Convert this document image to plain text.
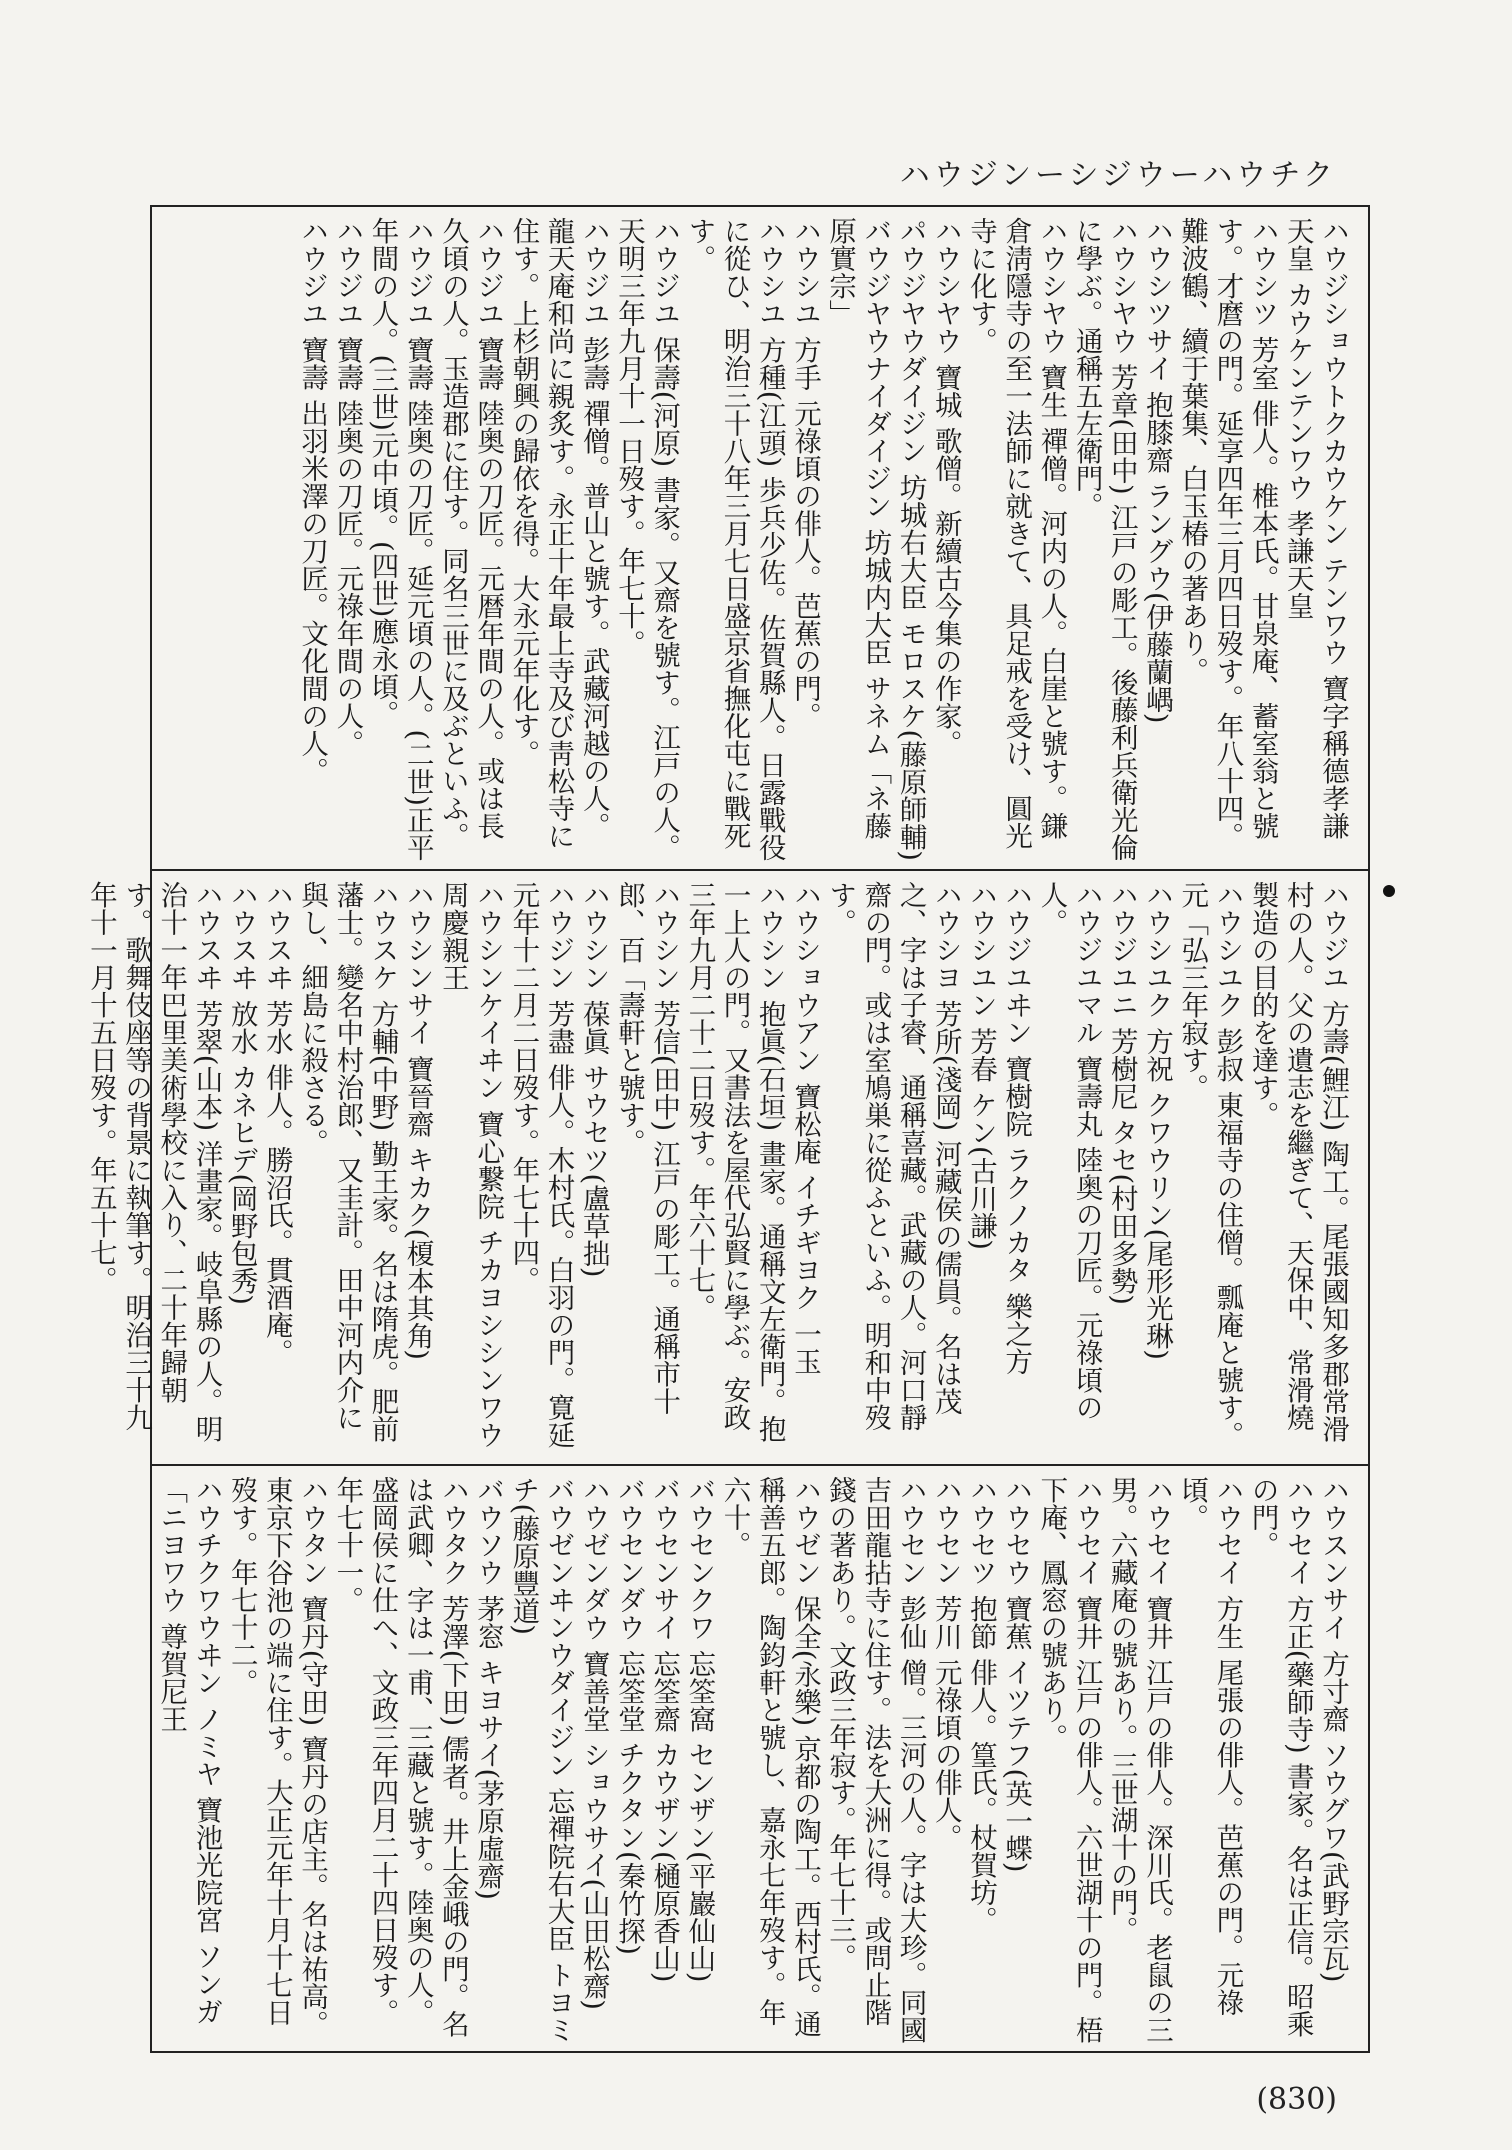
ハウジンーシジウーハウチク

ハウジショウトクカウケン テンワウ 寶字稱德孝謙天皇 カウケンテンワウ 孝謙天皇

ハウシツ 芳室 俳人。椎本氏。甘泉庵、蓄室翁と號す。才麿の門。延享四年三月四日歿す。年八十四。難波鶴、續于葉集、白玉椿の著あり。

ハウシツサイ 抱膝齋 ラングウ(伊藤蘭嵎)

ハウシヤウ 芳章(田中) 江戸の彫工。後藤利兵衛光倫に學ぶ。通稱五左衛門。

ハウシヤウ 寶生 禪僧。河内の人。白崖と號す。鎌倉淸隱寺の至一法師に就きて、具足戒を受け、圓光寺に化す。

ハウシヤウ 寶城 歌僧。新續古今集の作家。

パウジヤウダイジン 坊城右大臣 モロスケ(藤原師輔)

バウジヤウナイダイジン 坊城内大臣 サネム「ネ藤原實宗」

ハウシユ 方手 元祿頃の俳人。芭蕉の門。

ハウシユ 方種(江頭) 歩兵少佐。佐賀縣人。日露戰役に從ひ、明治三十八年三月七日盛京省撫化屯に戰死す。

ハウジユ 保壽(河原) 書家。又齋を號す。江戸の人。天明三年九月十一日歿す。年七十。

ハウジユ 彭壽 禪僧。普山と號す。武藏河越の人。龍天庵和尚に親炙す。永正十年最上寺及び靑松寺に住す。上杉朝興の歸依を得。大永元年化す。

ハウジユ 寶壽 陸奥の刀匠。元暦年間の人。或は長久頃の人。玉造郡に住す。同名三世に及ぶといふ。

ハウジユ 寶壽 陸奥の刀匠。延元頃の人。(二世)正平年間の人。(三世)元中頃。(四世)應永頃。

ハウジユ 寶壽 陸奥の刀匠。元祿年間の人。

ハウジユ 寶壽 出羽米澤の刀匠。文化間の人。

ハウジユ 方壽(鯉江) 陶工。尾張國知多郡常滑村の人。父の遺志を繼ぎて、天保中、常滑燒製造の目的を達す。

ハウシユク 彭叔 東福寺の住僧。瓢庵と號す。元「弘三年寂す。

ハウシユク 方祝 クワウリン(尾形光琳)

ハウジユニ 芳樹尼 タセ(村田多勢)

ハウジユマル 寶壽丸 陸奥の刀匠。元祿頃の人。

ハウジユヰン 寶樹院 ラクノカタ 樂之方

ハウシユン 芳春 ケン(古川謙)

ハウシヨ 芳所(淺岡) 河藏侯の儒員。名は茂之、字は子睿、通稱喜藏。武藏の人。河口靜齋の門。或は室鳩巣に從ふといふ。明和中歿す。

ハウショウアン 寶松庵 イチギヨク 一玉

ハウシン 抱眞(石垣) 畫家。通稱文左衛門。抱一上人の門。又書法を屋代弘賢に學ぶ。安政三年九月二十二日歿す。年六十七。

ハウシン 芳信(田中) 江戸の彫工。通稱市十郎、百「壽軒と號す。

ハウシン 葆眞 サウセツ(盧草拙)

ハウジン 芳盡 俳人。木村氏。白羽の門。寛延元年十二月二日歿す。年七十四。

ハウシンケイヰン 寶心繋院 チカヨシシンワウ周慶親王

ハウシンサイ 寶晉齋 キカク(榎本其角)

ハウスケ 方輔(中野) 勤王家。名は隋虎。肥前藩士。變名中村治郎、又圭計。田中河内介に與し、細島に殺さる。

ハウスヰ 芳水 俳人。勝沼氏。貫酒庵。

ハウスヰ 放水 カネヒデ(岡野包秀)

ハウスヰ 芳翠(山本) 洋畫家。岐阜縣の人。明治十一年巴里美術學校に入り、二十年歸朝す。歌舞伎座等の背景に執筆す。明治三十九年十一月十五日歿す。年五十七。

ハウスンサイ 方寸齋 ソウグワ(武野宗瓦)

ハウセイ 方正(藥師寺) 書家。名は正信。昭乘の門。

ハウセイ 方生 尾張の俳人。芭蕉の門。元祿頃。

ハウセイ 寶井 江戸の俳人。深川氏。老鼠の三男。六藏庵の號あり。三世湖十の門。

ハウセイ 寶井 江戸の俳人。六世湖十の門。梧下庵、鳳窓の號あり。

ハウセウ 寶蕉 イツテフ(英一蝶)

ハウセツ 抱節 俳人。篁氏。杖賀坊。

ハウセン 芳川 元祿頃の俳人。

ハウセン 彭仙 僧。三河の人。字は大珍。同國吉田龍拈寺に住す。法を大洲に得。或問止階錢の著あり。文政三年寂す。年七十三。

ハウゼン 保全(永樂) 京都の陶工。西村氏。通稱善五郎。陶鈞軒と號し、嘉永七年歿す。年六十。

バウセンクワ 忘筌窩 センザン(平巖仙山)

バウセンサイ 忘筌齋 カウザン(樋原香山)

バウセンダウ 忘筌堂 チクタン(秦竹探)

ハウゼンダウ 寶善堂 ショウサイ(山田松齋)

バウゼンヰンウダイジン 忘禪院右大臣 トヨミチ(藤原豐道)

バウソウ 茅窓 キヨサイ(茅原虛齋)

ハウタク 芳澤(下田) 儒者。井上金峨の門。名は武卿、字は一甫、三藏と號す。陸奥の人。盛岡侯に仕へ、文政三年四月二十四日歿す。年七十一。

ハウタン 寶丹(守田) 寶丹の店主。名は祐高。東京下谷池の端に住す。大正元年十月十七日歿す。年七十二。

ハウチクワウヰン ノミヤ 寶池光院宮 ソンガ「ニヨワウ 尊賀尼王

(830)
